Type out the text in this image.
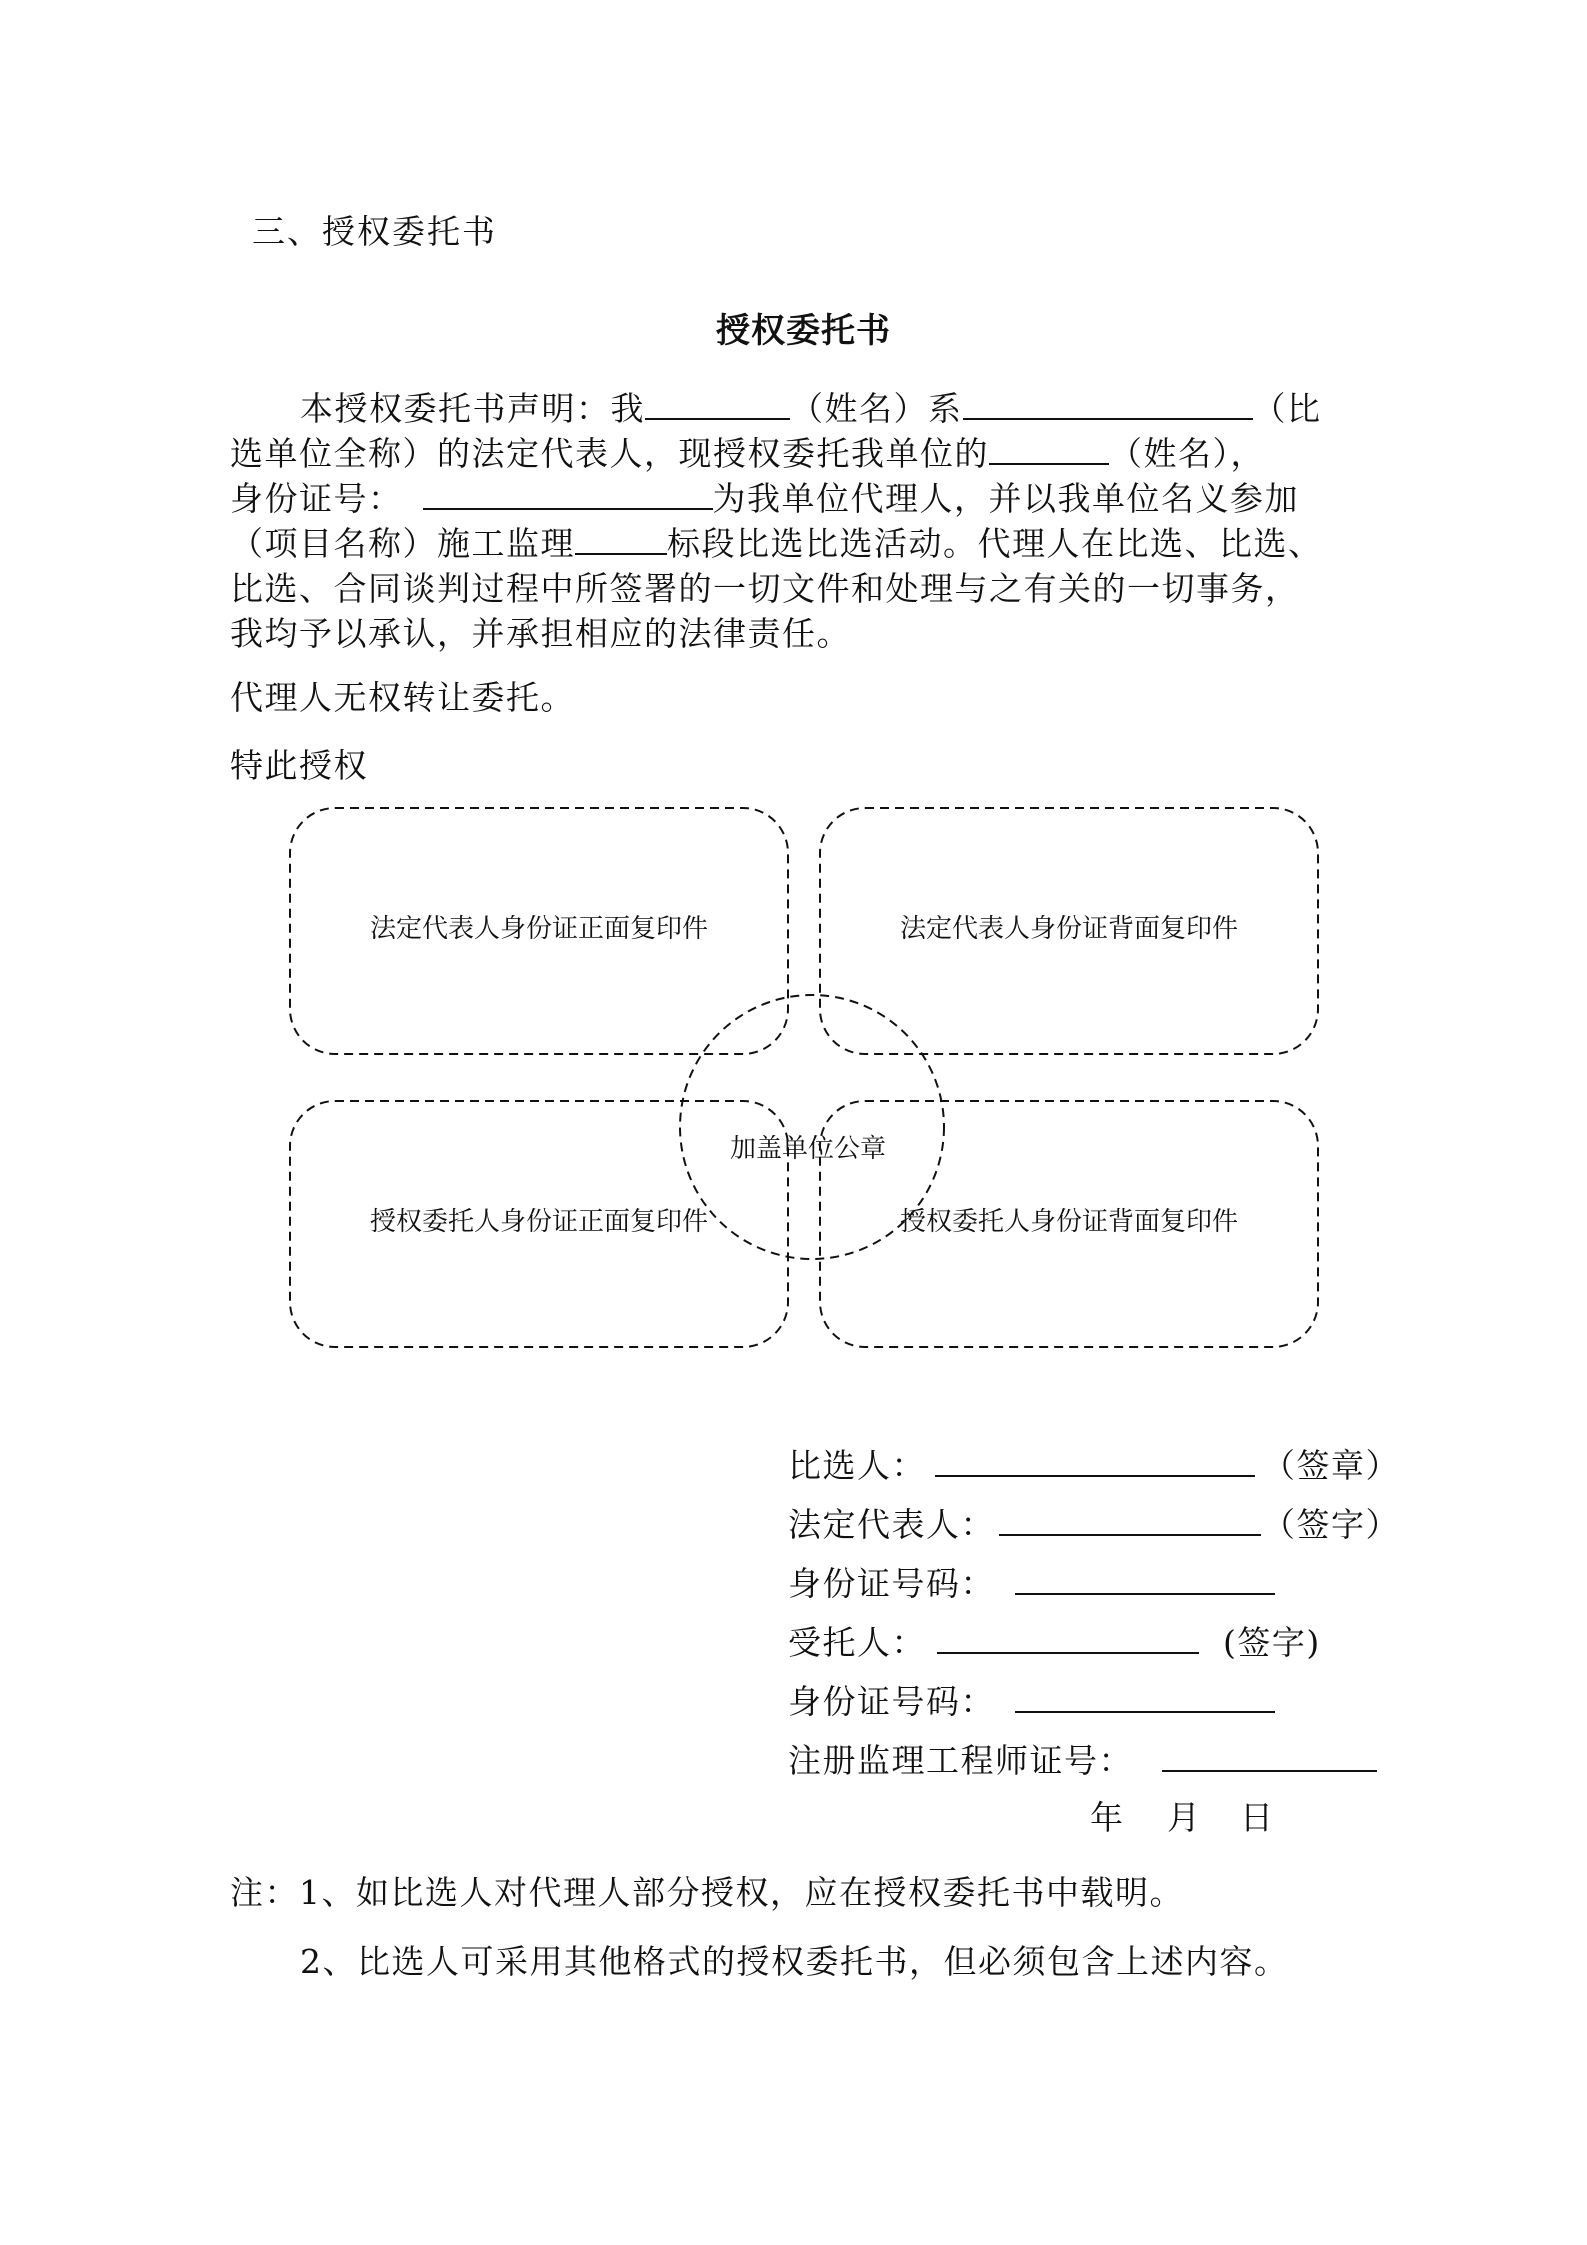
三、授权委托书
授权委托书
本授权委托书声明：我	（姓名）系	（比
选单位全称）的法定代表人，现授权委托我单位的	（姓名），
身份证号：	为我单位代理人，并以我单位名义参加
（项目名称）施工监理	标段比选比选活动。代理人在比选、比选、
比选、合同谈判过程中所签署的一切文件和处理与之有关的一切事务，
我均予以承认，并承担相应的法律责任。
代理人无权转让委托。
特此授权
法定代表人身份证正面复印件	法定代表人身份证背面复印件
授权委托人身份证正面复印件	授权委托人身份证背面复印件
加盖单位公章
比选人：	（签章）
法定代表人：	（签字）
身份证号码：
受托人：	(签字)
身份证号码：
注册监理工程师证号：
年 月 日
注：1、如比选人对代理人部分授权，应在授权委托书中载明。
2、比选人可采用其他格式的授权委托书，但必须包含上述内容。
